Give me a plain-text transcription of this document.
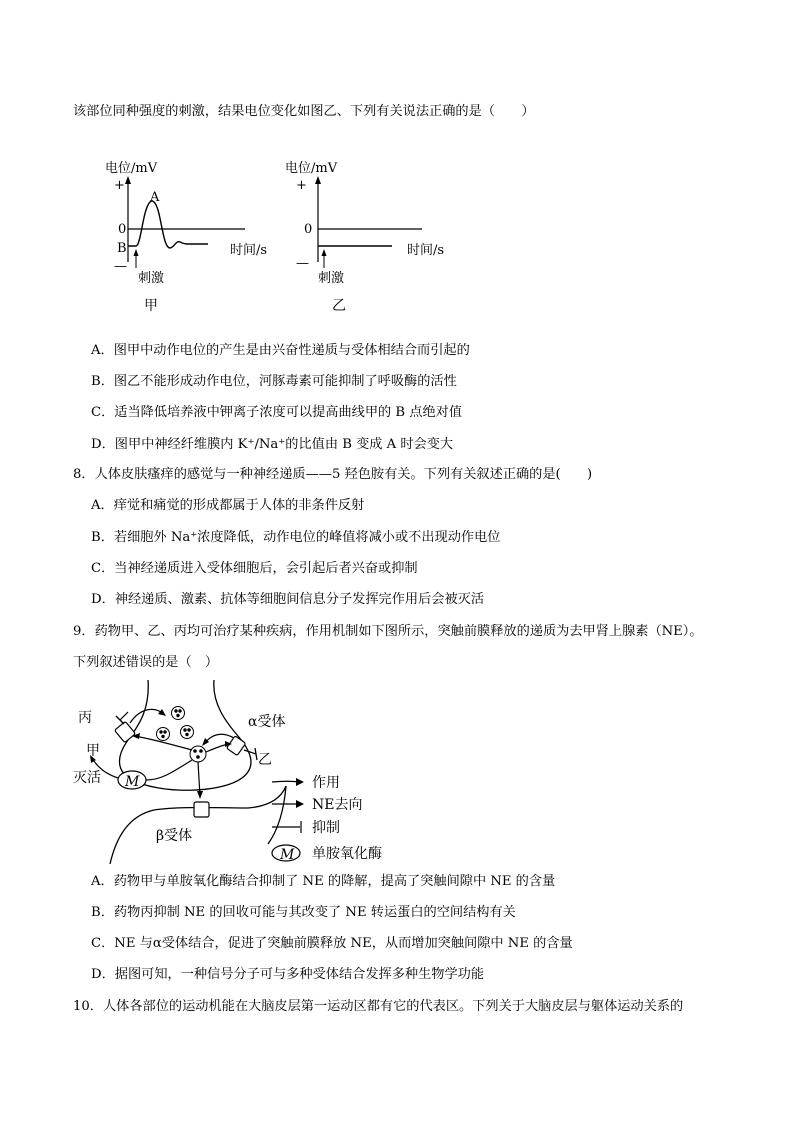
该部位同种强度的刺激，结果电位变化如图乙、下列有关说法正确的是（　　）
电位/mV
+
0
B
—
A
时间/s
刺激
甲
电位/mV
+
0
—
时间/s
刺激
乙
A．图甲中动作电位的产生是由兴奋性递质与受体相结合而引起的
B．图乙不能形成动作电位，河豚毒素可能抑制了呼吸酶的活性
C．适当降低培养液中钾离子浓度可以提高曲线甲的 B 点绝对值
D．图甲中神经纤维膜内 K⁺/Na⁺的比值由 B 变成 A 时会变大
8．人体皮肤瘙痒的感觉与一种神经递质——5 羟色胺有关。下列有关叙述正确的是(　　)
A．痒觉和痛觉的形成都属于人体的非条件反射
B．若细胞外 Na⁺浓度降低，动作电位的峰值将减小或不出现动作电位
C．当神经递质进入受体细胞后，会引起后者兴奋或抑制
D．神经递质、激素、抗体等细胞间信息分子发挥完作用后会被灭活
9．药物甲、乙、丙均可治疗某种疾病，作用机制如下图所示，突触前膜释放的递质为去甲肾上腺素（NE）。
下列叙述错误的是（　）
M
丙
甲
灭活
α受体
乙
β受体
M
作用
NE去向
抑制
单胺氧化酶
A．药物甲与单胺氧化酶结合抑制了 NE 的降解，提高了突触间隙中 NE 的含量
B．药物丙抑制 NE 的回收可能与其改变了 NE 转运蛋白的空间结构有关
C．NE 与α受体结合，促进了突触前膜释放 NE，从而增加突触间隙中 NE 的含量
D．据图可知，一种信号分子可与多种受体结合发挥多种生物学功能
10．人体各部位的运动机能在大脑皮层第一运动区都有它的代表区。下列关于大脑皮层与躯体运动关系的
